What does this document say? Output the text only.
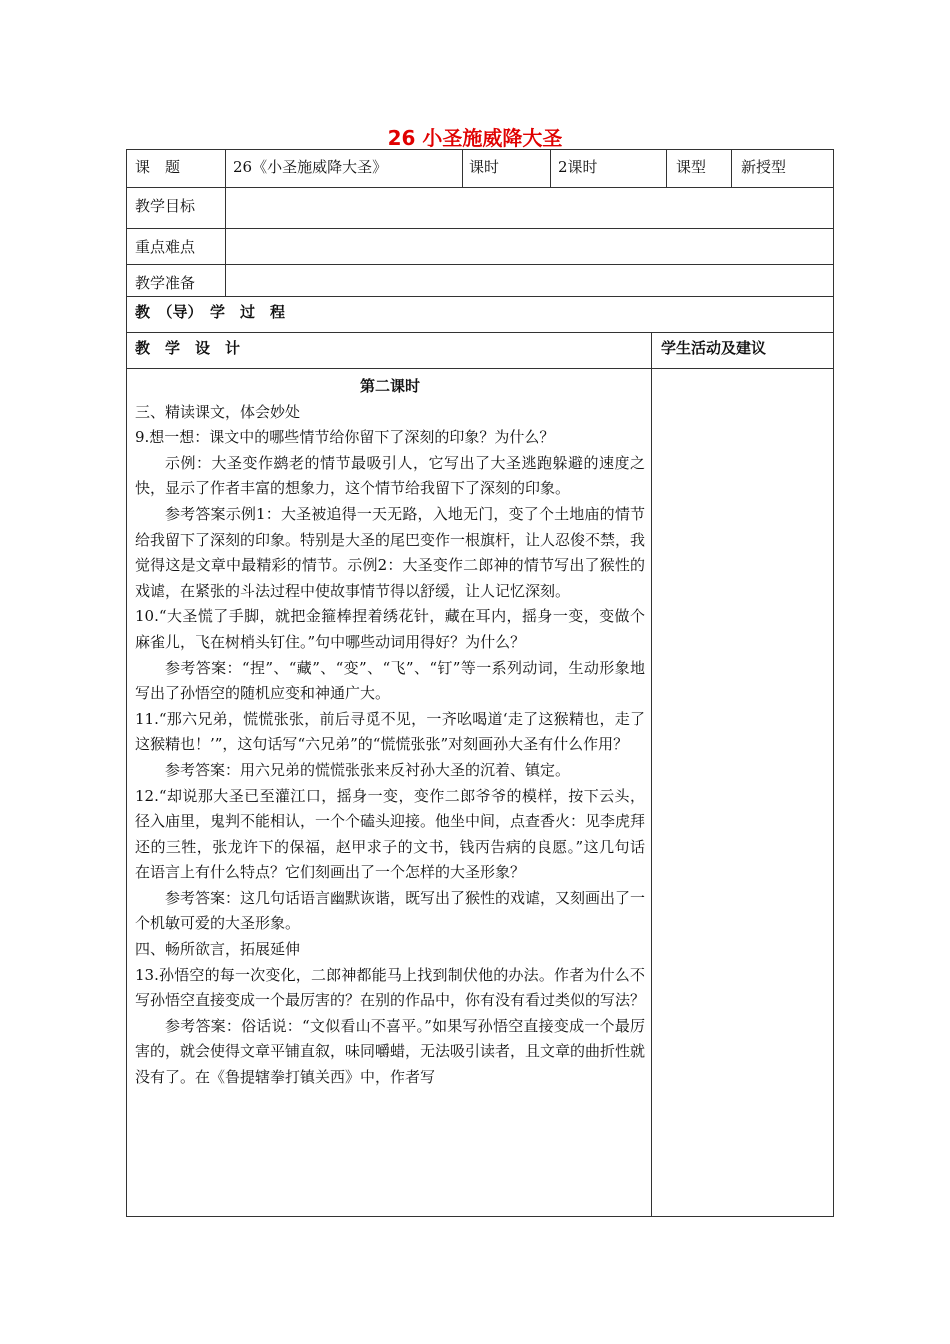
26 小圣施威降大圣
课　题	26《小圣施威降大圣》	课时	2课时	课型	新授型
教学目标
重点难点
教学准备
教　（导）　学　过　程
教　学　设　计	学生活动及建议

第二课时

三、精读课文，体会妙处

9.想一想：课文中的哪些情节给你留下了深刻的印象？为什么？

示例：大圣变作鹚老的情节最吸引人，它写出了大圣逃跑躲避的速度之快，显示了作者丰富的想象力，这个情节给我留下了深刻的印象。

参考答案示例1：大圣被追得一天无路，入地无门，变了个土地庙的情节给我留下了深刻的印象。特别是大圣的尾巴变作一根旗杆，让人忍俊不禁，我觉得这是文章中最精彩的情节。示例2：大圣变作二郎神的情节写出了猴性的戏谑，在紧张的斗法过程中使故事情节得以舒缓，让人记忆深刻。

10.“大圣慌了手脚，就把金箍棒捏着绣花针，藏在耳内，摇身一变，变做个麻雀儿，飞在树梢头钉住。”句中哪些动词用得好？为什么？

参考答案：“捏”、“藏”、“变”、“飞”、“钉”等一系列动词，生动形象地写出了孙悟空的随机应变和神通广大。

11.“那六兄弟，慌慌张张，前后寻觅不见，一齐吆喝道‘走了这猴精也，走了这猴精也！’”，这句话写“六兄弟”的“慌慌张张”对刻画孙大圣有什么作用？

参考答案：用六兄弟的慌慌张张来反衬孙大圣的沉着、镇定。

12.“却说那大圣已至灌江口，摇身一变，变作二郎爷爷的模样，按下云头，径入庙里，鬼判不能相认，一个个磕头迎接。他坐中间，点查香火：见李虎拜还的三牲，张龙许下的保福，赵甲求子的文书，钱丙告病的良愿。”这几句话在语言上有什么特点？它们刻画出了一个怎样的大圣形象？

参考答案：这几句话语言幽默诙谐，既写出了猴性的戏谑，又刻画出了一个机敏可爱的大圣形象。

四、畅所欲言，拓展延伸

13.孙悟空的每一次变化，二郎神都能马上找到制伏他的办法。作者为什么不写孙悟空直接变成一个最厉害的？在别的作品中，你有没有看过类似的写法？

参考答案：俗话说：“文似看山不喜平。”如果写孙悟空直接变成一个最厉害的，就会使得文章平铺直叙，味同嚼蜡，无法吸引读者，且文章的曲折性就没有了。在《鲁提辖拳打镇关西》中，作者写
